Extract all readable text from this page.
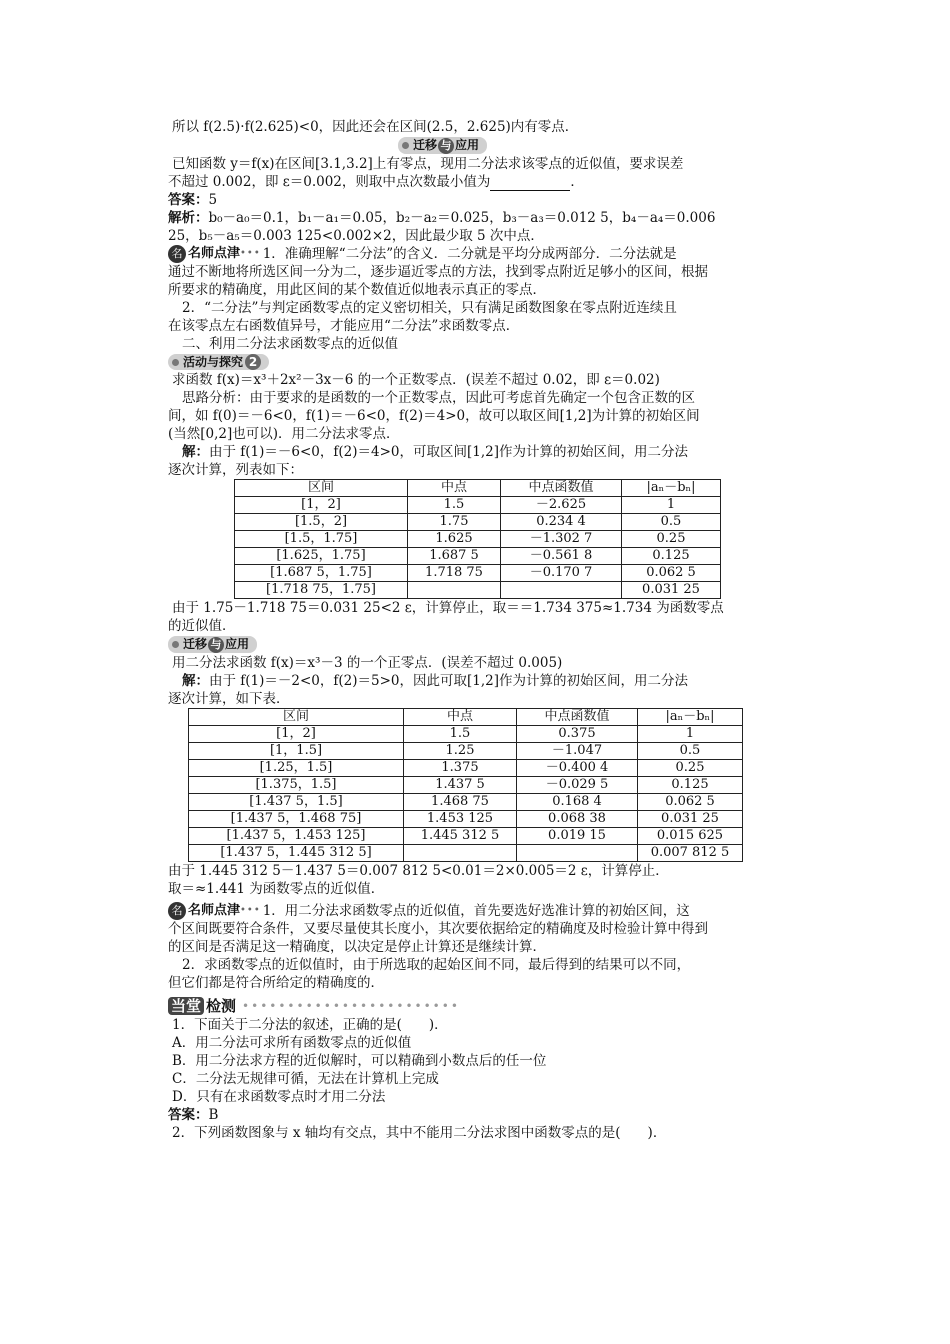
所以 f(2.5)·f(2.625)<0，因此还会在区间(2.5，2.625)内有零点．
迁移 与 应用
已知函数 y＝f(x)在区间[3.1,3.2]上有零点，现用二分法求该零点的近似值，要求误差
不超过 0.002，即 ε＝0.002，则取中点次数最小值为	．
答案：5
解析：b₀－a₀＝0.1，b₁－a₁＝0.05，b₂－a₂＝0.025，b₃－a₃＝0.012 5，b₄－a₄＝0.006
25，b₅－a₅＝0.003 125<0.002×2，因此最少取 5 次中点．
名 名师点津 ••• 1．准确理解“二分法”的含义．二分就是平均分成两部分．二分法就是
通过不断地将所选区间一分为二，逐步逼近零点的方法，找到零点附近足够小的区间，根据
所要求的精确度，用此区间的某个数值近似地表示真正的零点．
2．“二分法”与判定函数零点的定义密切相关，只有满足函数图象在零点附近连续且
在该零点左右函数值异号，才能应用“二分法”求函数零点．
二、利用二分法求函数零点的近似值
活动与探究 2
求函数 f(x)＝x³＋2x²－3x－6 的一个正数零点．(误差不超过 0.02，即 ε＝0.02)
思路分析：由于要求的是函数的一个正数零点，因此可考虑首先确定一个包含正数的区
间，如 f(0)＝－6<0，f(1)＝－6<0，f(2)＝4>0，故可以取区间[1,2]为计算的初始区间
(当然[0,2]也可以)．用二分法求零点．
解：由于 f(1)＝－6<0，f(2)＝4>0，可取区间[1,2]作为计算的初始区间，用二分法
逐次计算，列表如下：
区间	中点	中点函数值	|aₙ－bₙ|
[1，2]	1.5	－2.625	1
[1.5，2]	1.75	0.234 4	0.5
[1.5，1.75]	1.625	－1.302 7	0.25
[1.625，1.75]	1.687 5	－0.561 8	0.125
[1.687 5，1.75]	1.718 75	－0.170 7	0.062 5
[1.718 75，1.75]			0.031 25
由于 1.75－1.718 75＝0.031 25<2 ε，计算停止，取＝＝1.734 375≈1.734 为函数零点
的近似值．
迁移 与 应用
用二分法求函数 f(x)＝x³－3 的一个正零点．(误差不超过 0.005)
解：由于 f(1)＝－2<0，f(2)＝5>0，因此可取[1,2]作为计算的初始区间，用二分法
逐次计算，如下表．
区间	中点	中点函数值	|aₙ－bₙ|
[1，2]	1.5	0.375	1
[1，1.5]	1.25	－1.047	0.5
[1.25，1.5]	1.375	－0.400 4	0.25
[1.375，1.5]	1.437 5	－0.029 5	0.125
[1.437 5，1.5]	1.468 75	0.168 4	0.062 5
[1.437 5，1.468 75]	1.453 125	0.068 38	0.031 25
[1.437 5，1.453 125]	1.445 312 5	0.019 15	0.015 625
[1.437 5，1.445 312 5]			0.007 812 5
由于 1.445 312 5－1.437 5＝0.007 812 5<0.01＝2×0.005＝2 ε，计算停止．
取＝≈1.441 为函数零点的近似值．
名 名师点津 ••• 1．用二分法求函数零点的近似值，首先要选好选准计算的初始区间，这
个区间既要符合条件，又要尽量使其长度小，其次要依据给定的精确度及时检验计算中得到
的区间是否满足这一精确度，以决定是停止计算还是继续计算．
2．求函数零点的近似值时，由于所选取的起始区间不同，最后得到的结果可以不同，
但它们都是符合所给定的精确度的．
当堂 检测 ••••••••••••••••••••••••
1．下面关于二分法的叙述，正确的是(　　)．
A．用二分法可求所有函数零点的近似值
B．用二分法求方程的近似解时，可以精确到小数点后的任一位
C．二分法无规律可循，无法在计算机上完成
D．只有在求函数零点时才用二分法
答案：B
2．下列函数图象与 x 轴均有交点，其中不能用二分法求图中函数零点的是(　　)．
